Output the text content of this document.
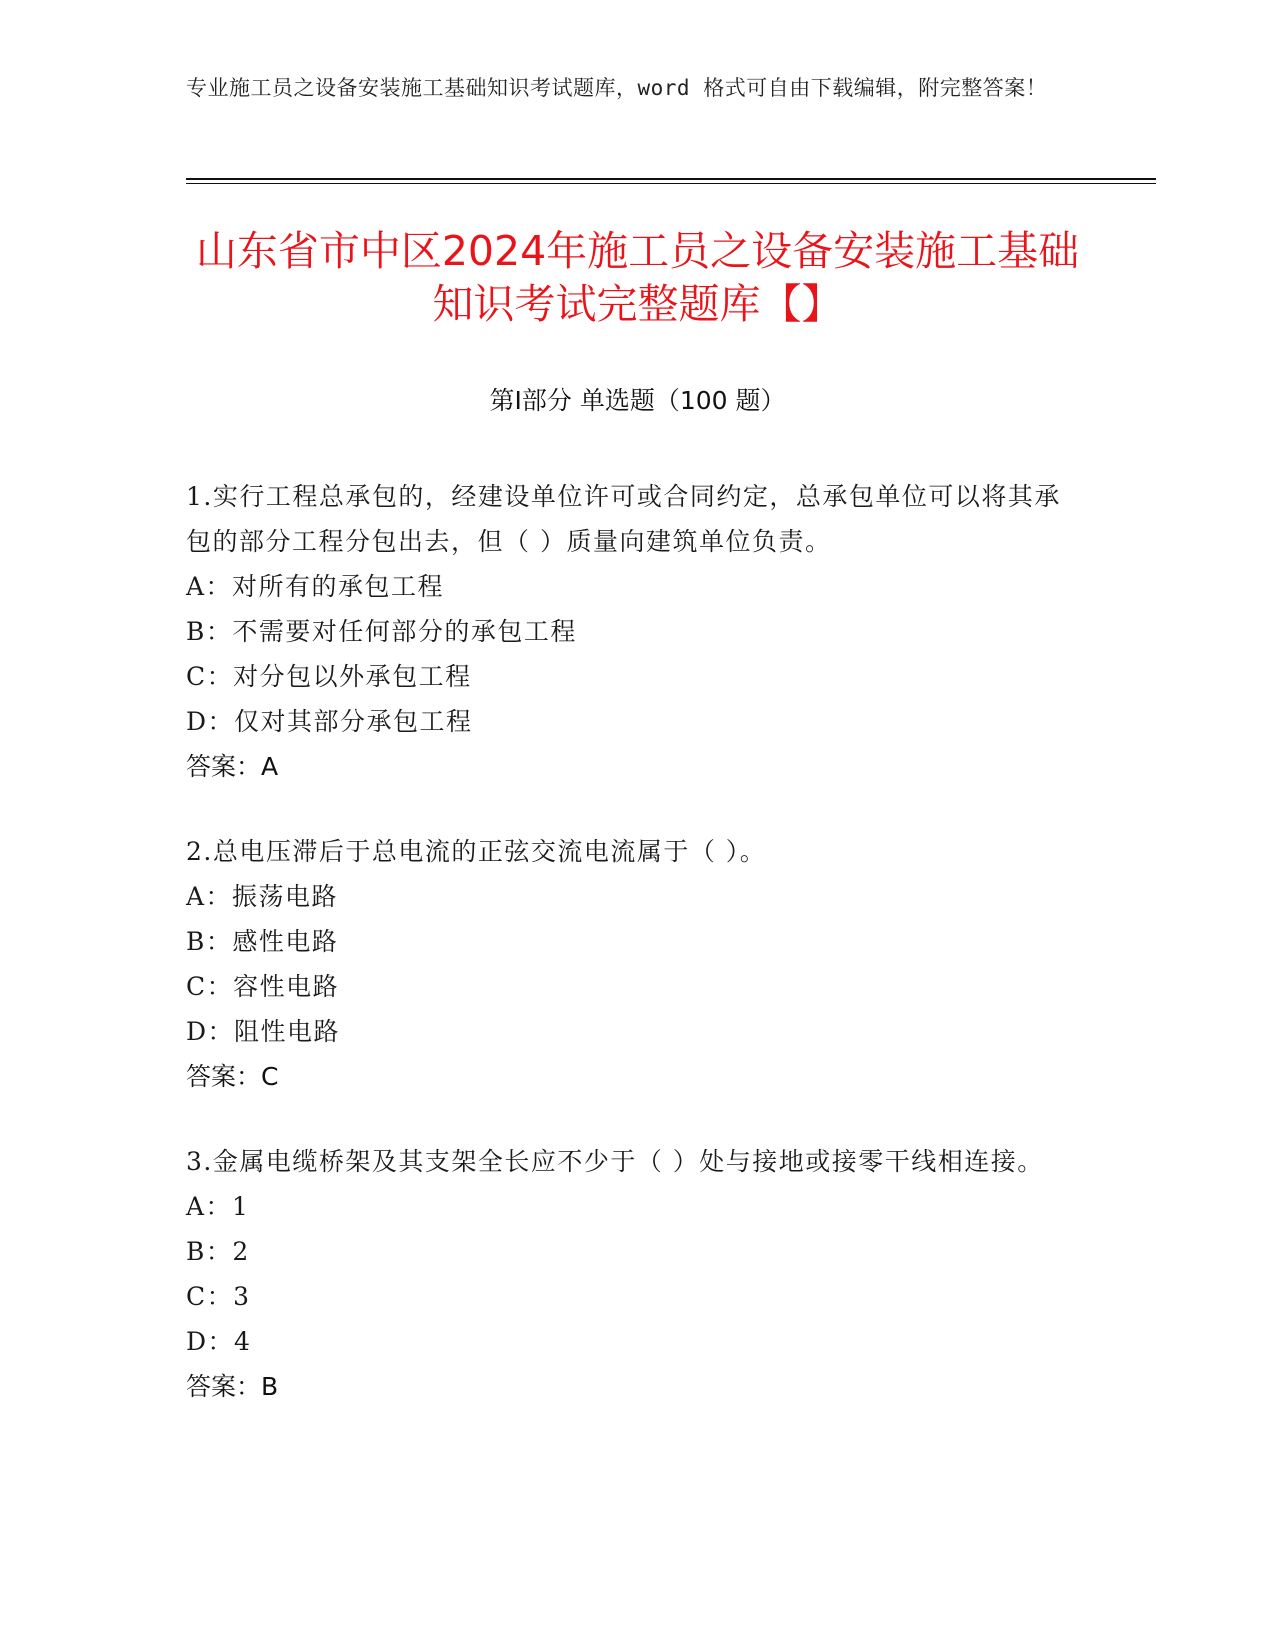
专业施工员之设备安装施工基础知识考试题库，word 格式可自由下载编辑，附完整答案！
山东省市中区2024年施工员之设备安装施工基础知识考试完整题库【】
第Ⅰ部分 单选题（100 题）
1.实行工程总承包的，经建设单位许可或合同约定，总承包单位可以将其承包的部分工程分包出去，但（ ）质量向建筑单位负责。
A：对所有的承包工程
B：不需要对任何部分的承包工程
C：对分包以外承包工程
D：仅对其部分承包工程
答案：A
2.总电压滞后于总电流的正弦交流电流属于（ ）。
A：振荡电路
B：感性电路
C：容性电路
D：阻性电路
答案：C
3.金属电缆桥架及其支架全长应不少于（ ）处与接地或接零干线相连接。
A：1
B：2
C：3
D：4
答案：B
